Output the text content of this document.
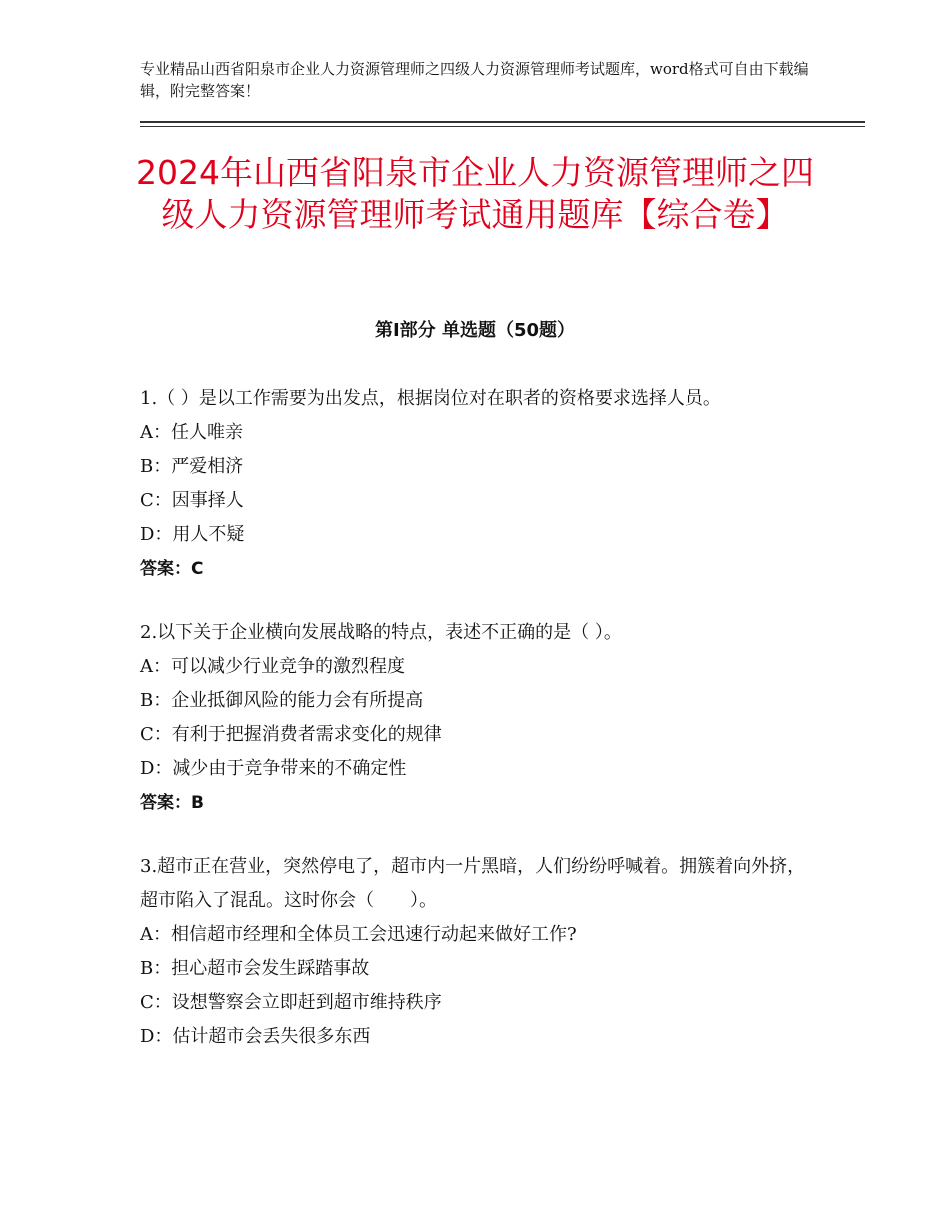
专业精品山西省阳泉市企业人力资源管理师之四级人力资源管理师考试题库，word格式可自由下载编辑，附完整答案！
2024年山西省阳泉市企业人力资源管理师之四级人力资源管理师考试通用题库【综合卷】
第Ⅰ部分 单选题（50题）

1.（ ）是以工作需要为出发点，根据岗位对在职者的资格要求选择人员。

A：任人唯亲

B：严爱相济

C：因事择人

D：用人不疑

答案：C

2.以下关于企业横向发展战略的特点，表述不正确的是（ ）。

A：可以减少行业竞争的激烈程度

B：企业抵御风险的能力会有所提高

C：有利于把握消费者需求变化的规律

D：减少由于竞争带来的不确定性

答案：B

3.超市正在营业，突然停电了，超市内一片黑暗，人们纷纷呼喊着。拥簇着向外挤，超市陷入了混乱。这时你会（　　）。

A：相信超市经理和全体员工会迅速行动起来做好工作?

B：担心超市会发生踩踏事故

C：设想警察会立即赶到超市维持秩序

D：估计超市会丢失很多东西
